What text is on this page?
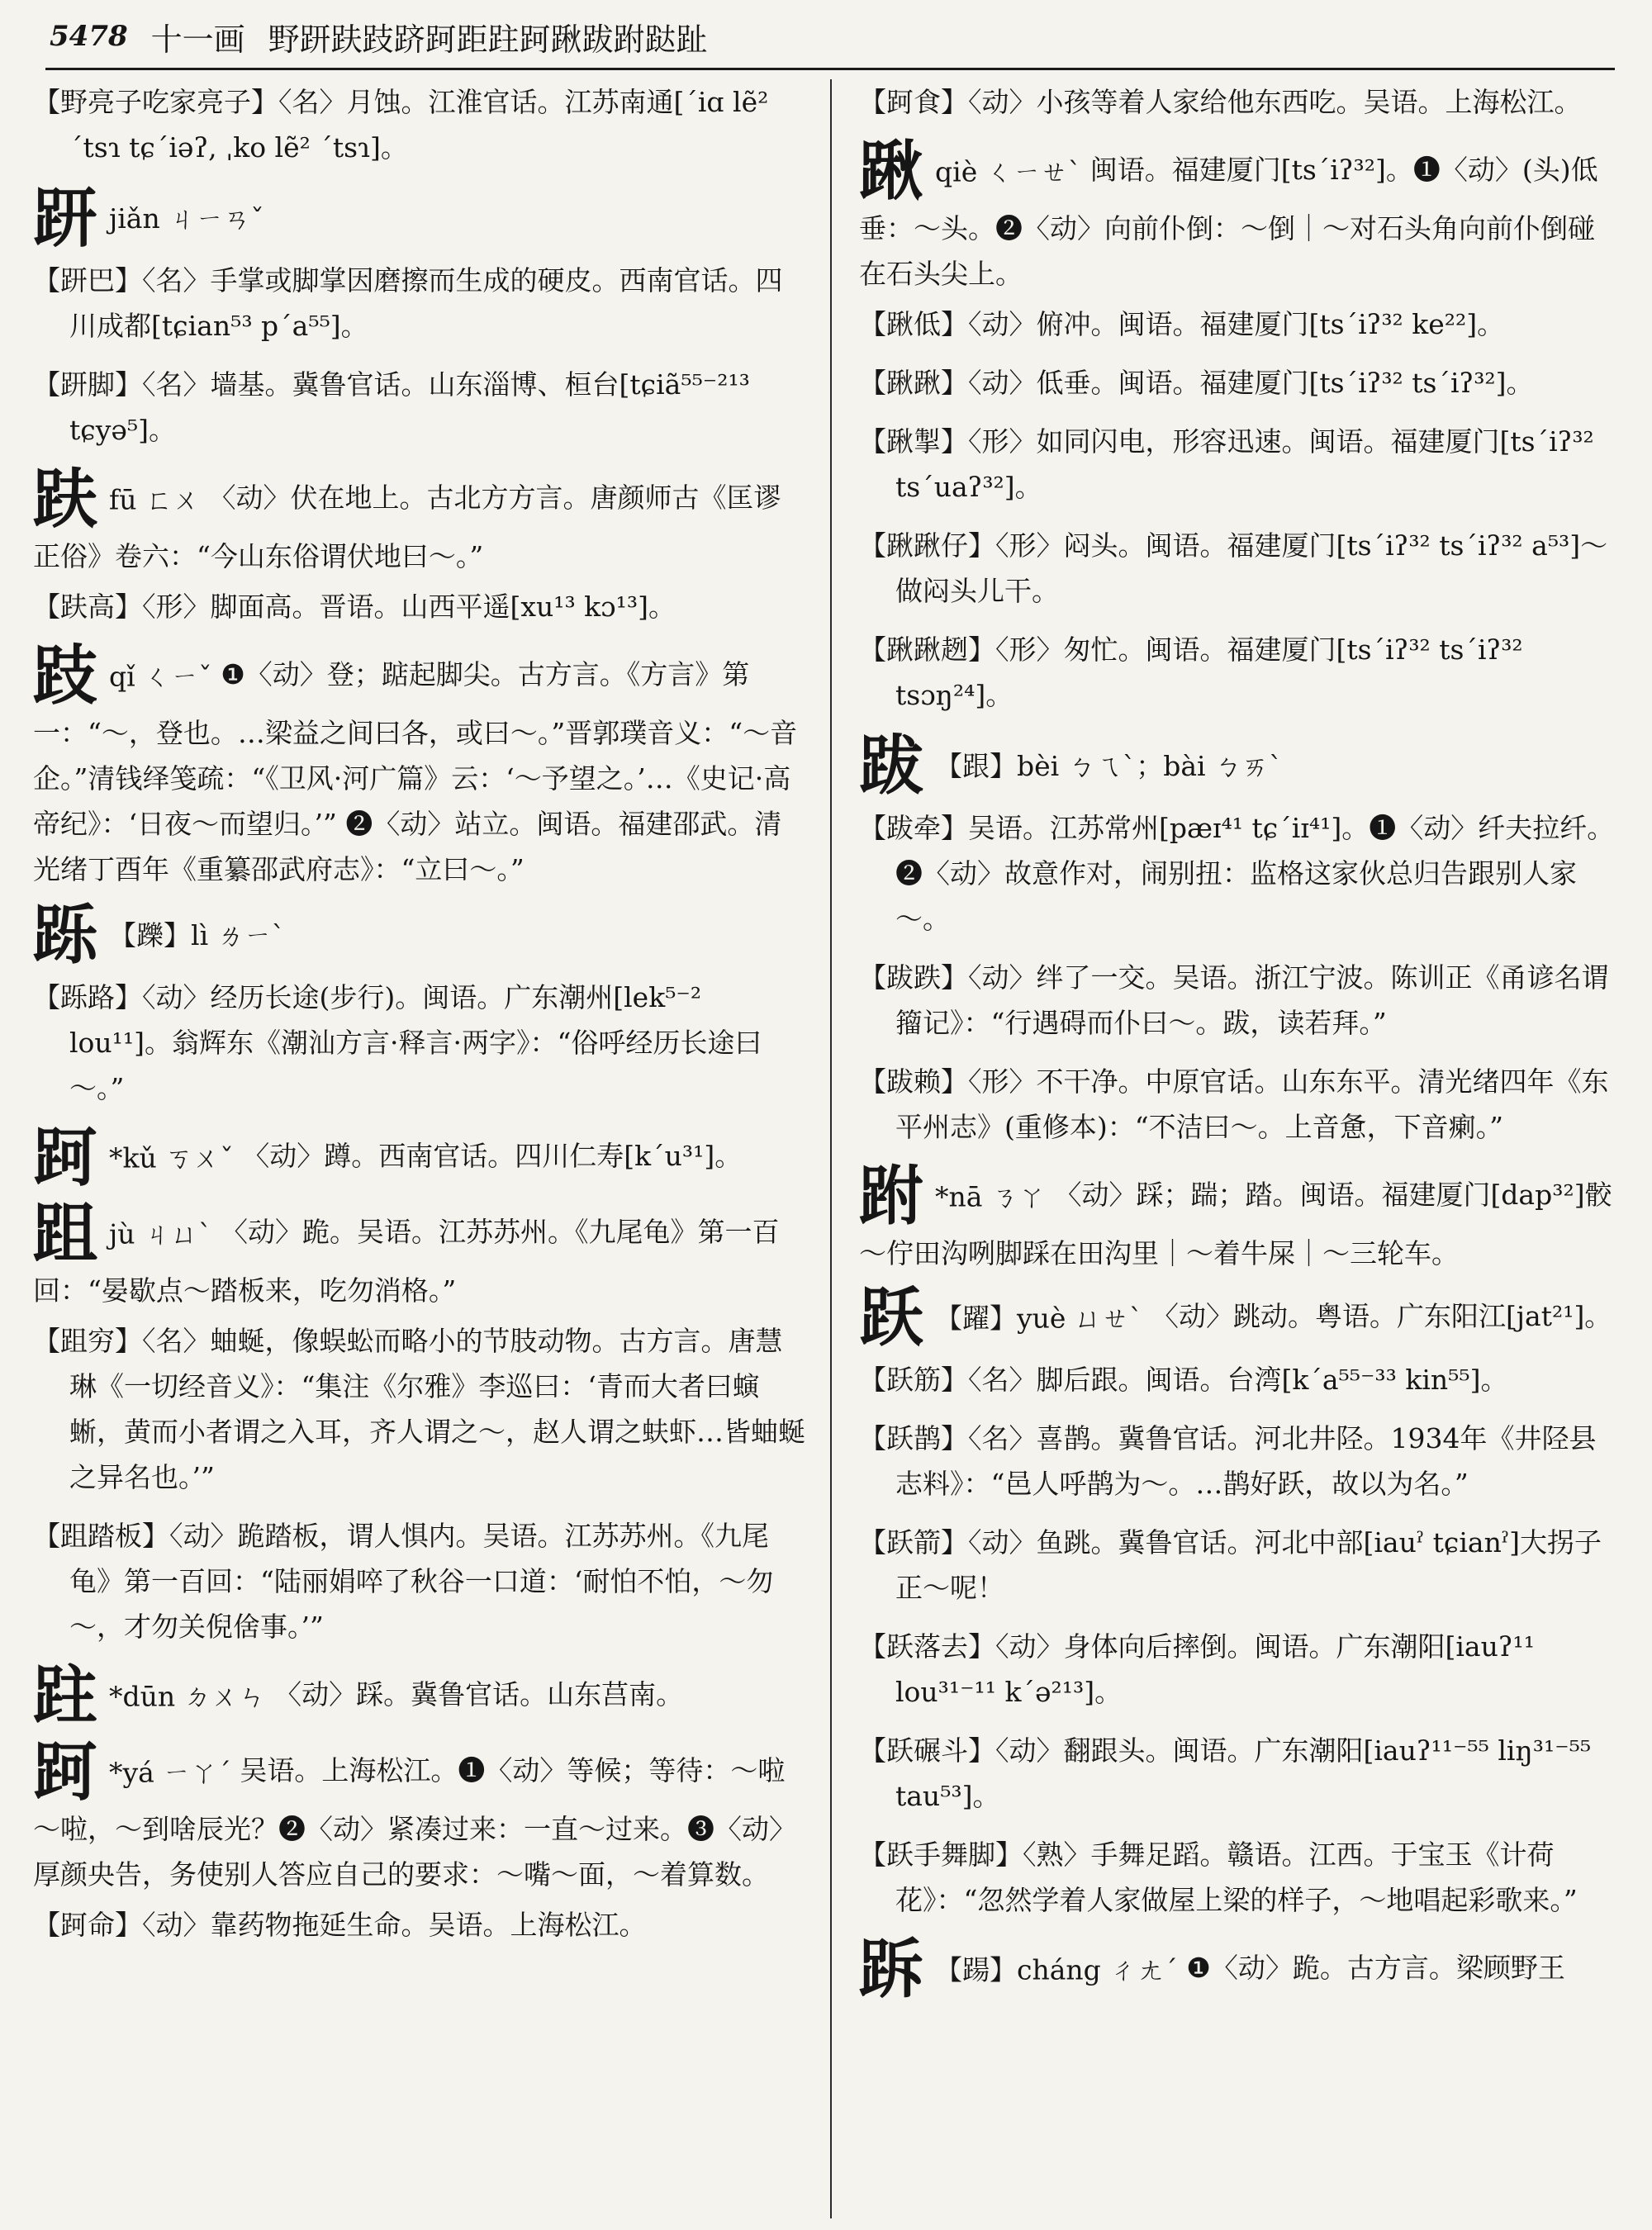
5478 十一画 野趼趺跂跻跒距跓跒踿跋跗跶趾
【野亮子吃家亮子】〈名〉月蚀。江淮官话。江苏南通[ˊiɑ lẽ² ˊtsɿ tɕˊiəʔ, ˌko lẽ² ˊtsɿ]。
趼jiǎn ㄐㄧㄢˇ
【趼巴】〈名〉手掌或脚掌因磨擦而生成的硬皮。西南官话。四川成都[tɕian⁵³ pˊa⁵⁵]。
【趼脚】〈名〉墙基。冀鲁官话。山东淄博、桓台[tɕiã⁵⁵⁻²¹³ tɕyə⁵]。
趺fū ㄈㄨ 〈动〉伏在地上。古北方方言。唐颜师古《匡谬正俗》卷六：“今山东俗谓伏地曰～。”
【趺高】〈形〉脚面高。晋语。山西平遥[xu¹³ kɔ¹³]。
跂qǐ ㄑㄧˇ ❶〈动〉登；踮起脚尖。古方言。《方言》第一：“～，登也。…梁益之间曰各，或曰～。”晋郭璞音义：“～音企。”清钱绎笺疏：“《卫风·河广篇》云：‘～予望之。’…《史记·高帝纪》：‘日夜～而望归。’” ❷〈动〉站立。闽语。福建邵武。清光绪丁酉年《重纂邵武府志》：“立曰～。”
跞 【躒】lì ㄌㄧˋ
【跞路】〈动〉经历长途(步行)。闽语。广东潮州[lek⁵⁻² lou¹¹]。翁辉东《潮汕方言·释言·两字》：“俗呼经历长途曰～。”
跒 *kǔ ㄎㄨˇ 〈动〉蹲。西南官话。四川仁寿[kˊu³¹]。
跙jù ㄐㄩˋ 〈动〉跪。吴语。江苏苏州。《九尾龟》第一百回：“晏歇点～踏板来，吃勿消格。”
【跙穷】〈名〉蚰蜒，像蜈蚣而略小的节肢动物。古方言。唐慧琳《一切经音义》：“集注《尔雅》李巡曰：‘青而大者曰螾蜥，黄而小者谓之入耳，齐人谓之～，赵人谓之蚨虾…皆蚰蜒之异名也。’”
【跙踏板】〈动〉跪踏板，谓人惧内。吴语。江苏苏州。《九尾龟》第一百回：“陆丽娟啐了秋谷一口道：‘耐怕不怕，～勿～，才勿关倪倽事。’”
跓 *dūn ㄉㄨㄣ 〈动〉踩。冀鲁官话。山东莒南。
跒 *yá ㄧㄚˊ 吴语。上海松江。❶〈动〉等候；等待：～啦～啦，～到啥辰光？❷〈动〉紧凑过来：一直～过来。❸〈动〉厚颜央告，务使别人答应自己的要求：～嘴～面，～着算数。
【跒命】〈动〉靠药物拖延生命。吴语。上海松江。
【跒食】〈动〉小孩等着人家给他东西吃。吴语。上海松江。
踿qiè ㄑㄧㄝˋ 闽语。福建厦门[tsˊiʔ³²]。❶〈动〉(头)低垂：～头。❷〈动〉向前仆倒：～倒｜～对石头角向前仆倒碰在石头尖上。
【踿低】〈动〉俯冲。闽语。福建厦门[tsˊiʔ³² ke²²]。
【踿踿】〈动〉低垂。闽语。福建厦门[tsˊiʔ³² tsˊiʔ³²]。
【踿掣】〈形〉如同闪电，形容迅速。闽语。福建厦门[tsˊiʔ³² tsˊuaʔ³²]。
【踿踿仔】〈形〉闷头。闽语。福建厦门[tsˊiʔ³² tsˊiʔ³² a⁵³]～做闷头儿干。
【踿踿趔】〈形〉匆忙。闽语。福建厦门[tsˊiʔ³² tsˊiʔ³² tsɔŋ²⁴]。
跋 【跟】bèi ㄅㄟˋ；bài ㄅㄞˋ
【跋牵】吴语。江苏常州[pæɪ⁴¹ tɕˊiɪ⁴¹]。❶〈动〉纤夫拉纤。❷〈动〉故意作对，闹别扭：监格这家伙总归告跟别人家～。
【跋跌】〈动〉绊了一交。吴语。浙江宁波。陈训正《甬谚名谓籀记》：“行遇碍而仆曰～。跋，读若拜。”
【跋赖】〈形〉不干净。中原官话。山东东平。清光绪四年《东平州志》(重修本)：“不洁曰～。上音惫，下音瘌。”
跗 *nā ㄋㄚ 〈动〉踩；踹；踏。闽语。福建厦门[dap³²]骹～佇田沟咧脚踩在田沟里｜～着牛屎｜～三轮车。
跃 【躍】yuè ㄩㄝˋ 〈动〉跳动。粤语。广东阳江[jat²¹]。
【跃筋】〈名〉脚后跟。闽语。台湾[kˊa⁵⁵⁻³³ kin⁵⁵]。
【跃鹊】〈名〉喜鹊。冀鲁官话。河北井陉。1934年《井陉县志料》：“邑人呼鹊为～。…鹊好跃，故以为名。”
【跃箭】〈动〉鱼跳。冀鲁官话。河北中部[iauˀ tɕianˀ]大拐子正～呢！
【跃落去】〈动〉身体向后摔倒。闽语。广东潮阳[iauʔ¹¹ lou³¹⁻¹¹ kˊə²¹³]。
【跃碾斗】〈动〉翻跟头。闽语。广东潮阳[iauʔ¹¹⁻⁵⁵ liŋ³¹⁻⁵⁵ tau⁵³]。
【跃手舞脚】〈熟〉手舞足蹈。赣语。江西。于宝玉《计荷花》：“忽然学着人家做屋上梁的样子，～地唱起彩歌来。”
跅 【踼】cháng ㄔㄤˊ ❶〈动〉跪。古方言。梁顾野王
